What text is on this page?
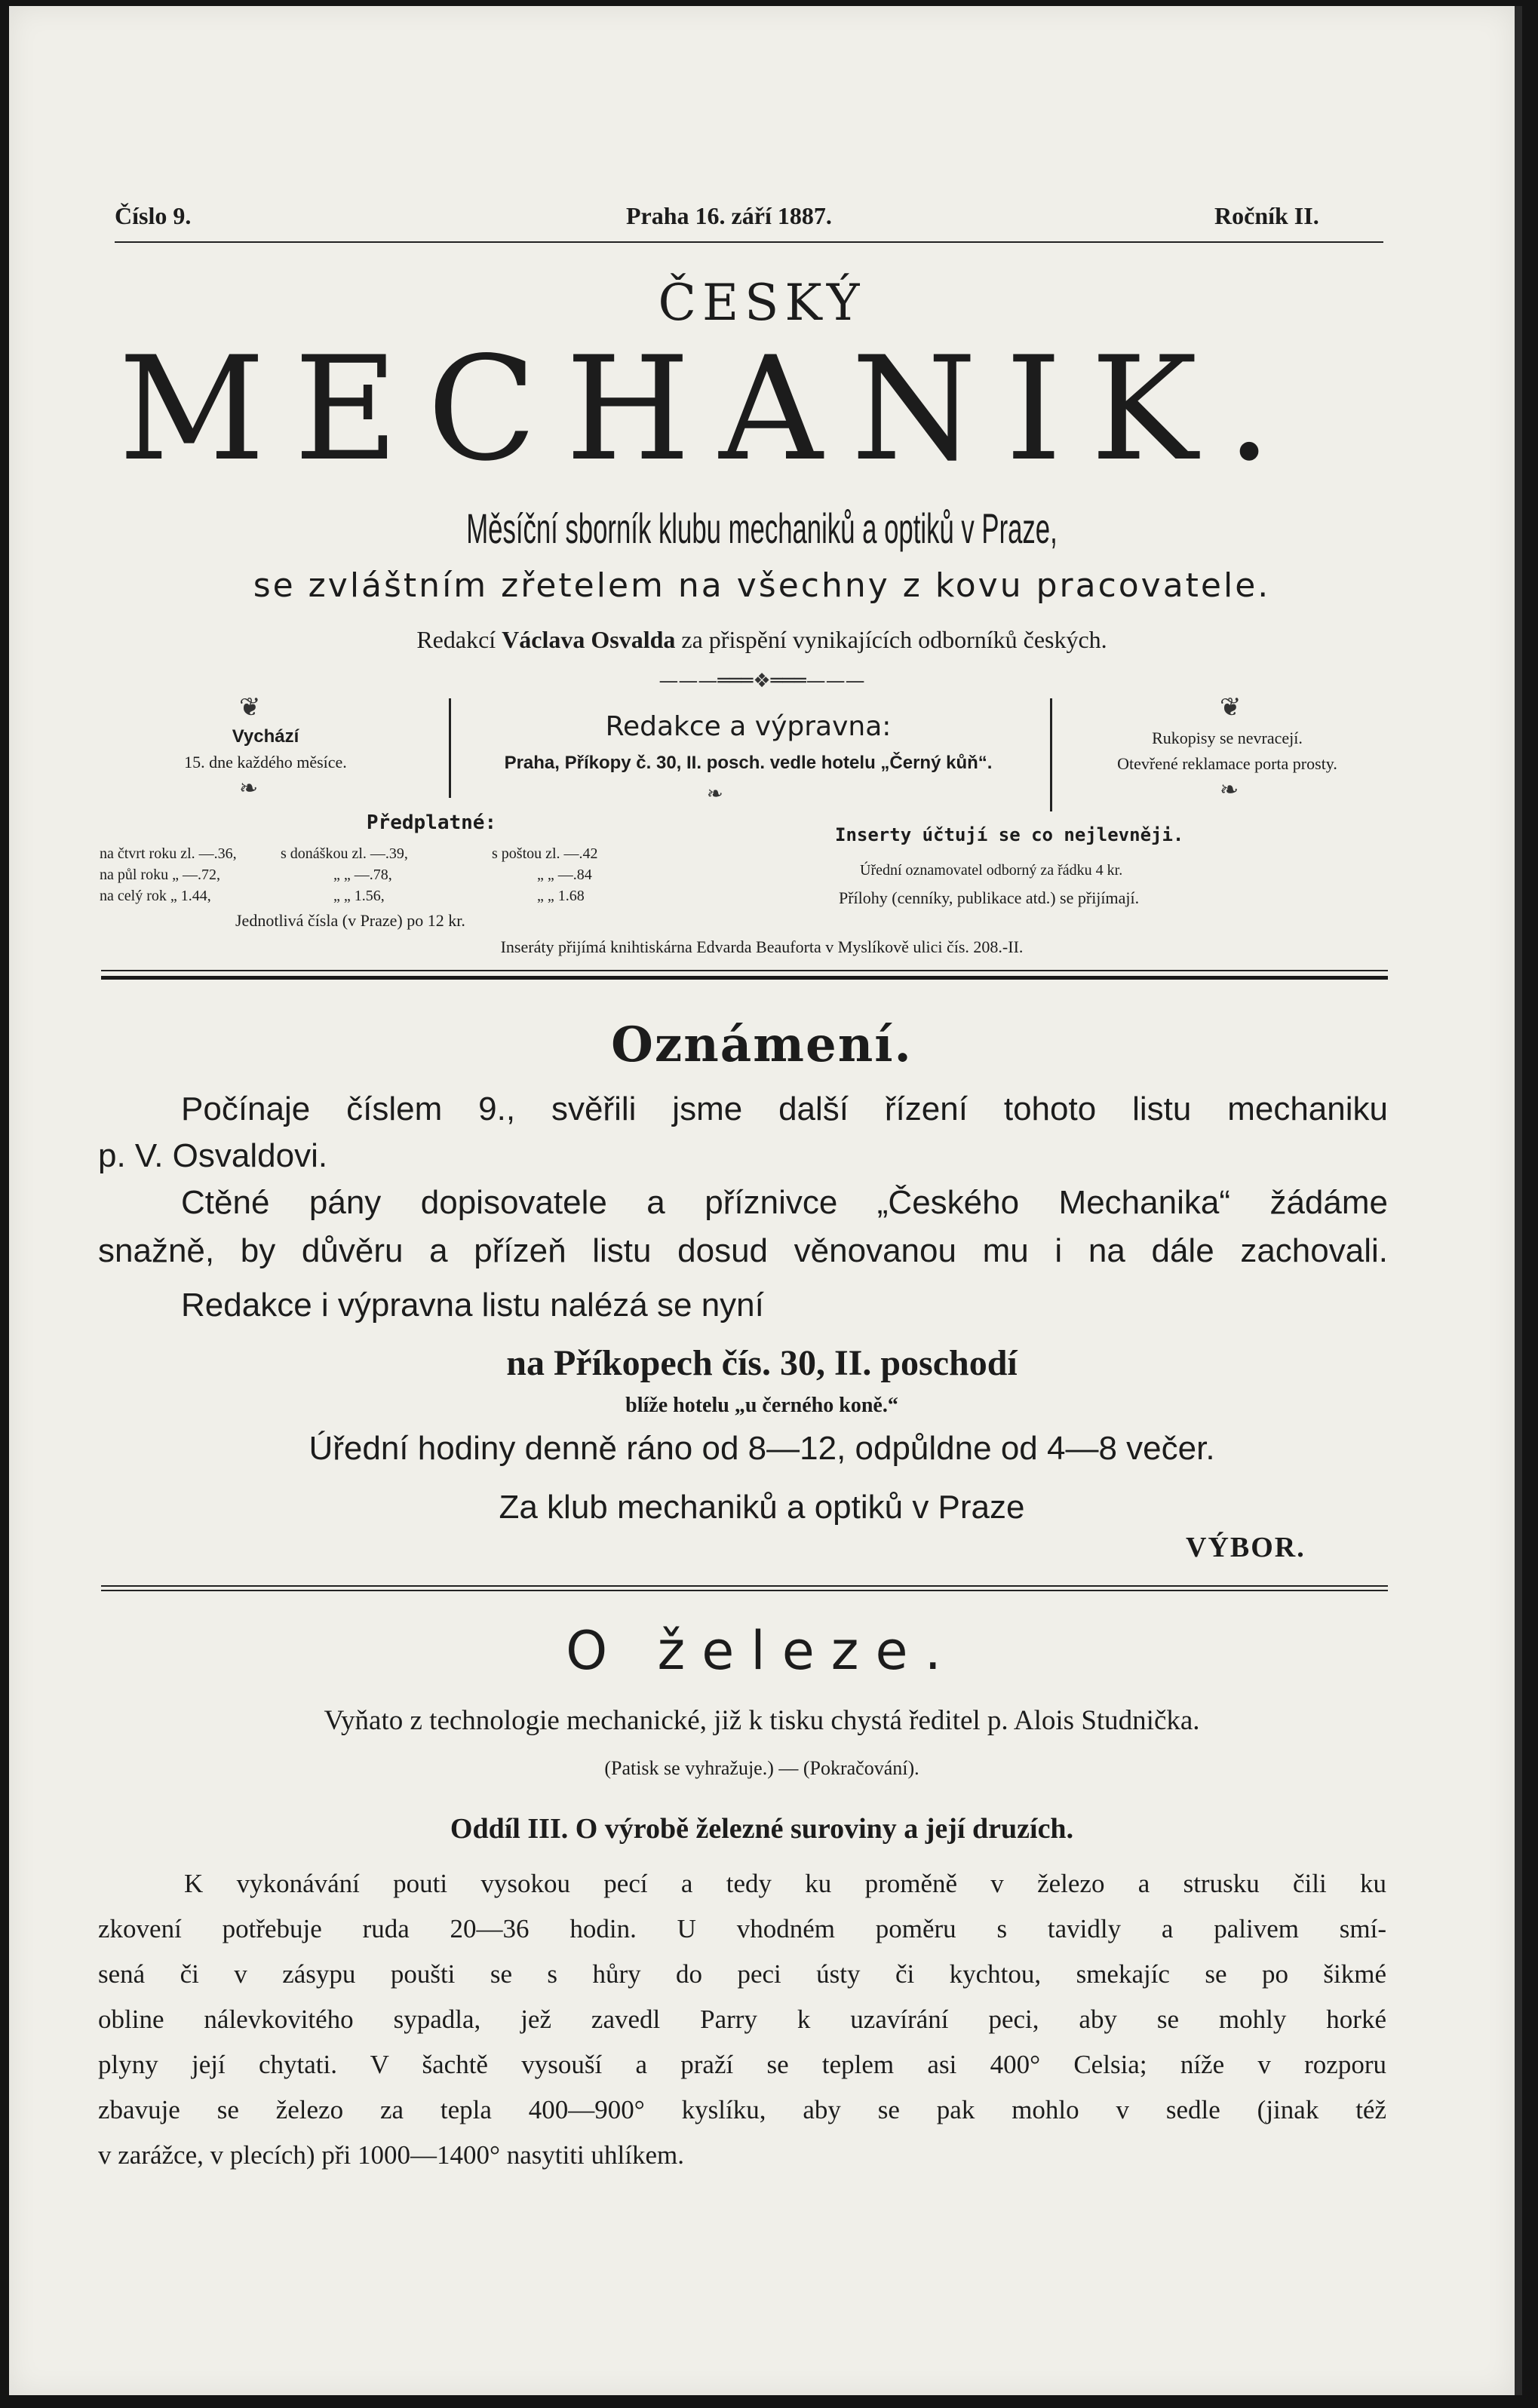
Číslo 9.	Praha 16. září 1887.	Ročník II.
ČESKÝ
MECHANIK.
Měsíční sborník klubu mechaniků a optiků v Praze,
se zvláštním zřetelem na všechny z kovu pracovatele.
Redakcí Václava Osvalda za přispění vynikajících odborníků českých.
———═══❖═══———
❦
Vychází
15. dne každého měsíce.
❧
Redakce a výpravna:
Praha, Příkopy č. 30, II. posch. vedle hotelu „Černý kůň“.
❧
❦
Rukopisy se nevracejí.
Otevřené reklamace porta prosty.
❧
Předplatné:
na čtvrt roku zl. —.36,	s donáškou zl. —.39,	s poštou zl. —.42
na půl roku „ —.72,	„ „ —.78,	„ „ —.84
na celý rok „ 1.44,	„ „ 1.56,	„ „ 1.68
Jednotlivá čísla (v Praze) po 12 kr.
Inserty účtují se co nejlevněji.
Úřední oznamovatel odborný za řádku 4 kr.
Přílohy (cenníky, publikace atd.) se přijímají.
Inseráty přijímá knihtiskárna Edvarda Beauforta v Myslíkově ulici čís. 208.-II.
Oznámení.
Počínaje číslem 9., svěřili jsme další řízení tohoto listu mechaniku
p. V. Osvaldovi.
Ctěné pány dopisovatele a příznivce „Českého Mechanika“ žádáme
snažně, by důvěru a přízeň listu dosud věnovanou mu i na dále zachovali.
Redakce i výpravna listu nalézá se nyní
na Příkopech čís. 30, II. poschodí
blíže hotelu „u černého koně.“
Úřední hodiny denně ráno od 8—12, odpůldne od 4—8 večer.
Za klub mechaniků a optiků v Praze
VÝBOR.
O železe.
Vyňato z technologie mechanické, již k tisku chystá ředitel p. Alois Studnička.
(Patisk se vyhražuje.) — (Pokračování).
Oddíl III. O výrobě železné suroviny a její druzích.
K vykonávání pouti vysokou pecí a tedy ku proměně v železo a strusku čili ku
zkovení potřebuje ruda 20—36 hodin. U vhodném poměru s tavidly a palivem smí-
sená či v zásypu poušti se s hůry do peci ústy či kychtou, smekajíc se po šikmé
obline nálevkovitého sypadla, jež zavedl Parry k uzavírání peci, aby se mohly horké
plyny její chytati. V šachtě vysouší a praží se teplem asi 400° Celsia; níže v rozporu
zbavuje se železo za tepla 400—900° kyslíku, aby se pak mohlo v sedle (jinak též
v zarážce, v plecích) při 1000—1400° nasytiti uhlíkem.
